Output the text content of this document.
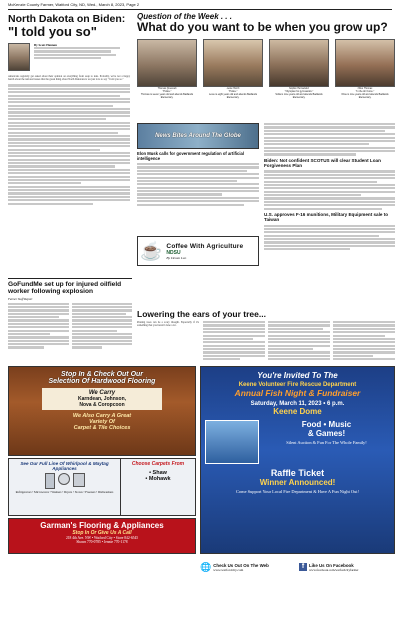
McKenzie County Farmer, Watford City, ND, Wed., March 8, 2023, Page 2
North Dakota on Biden:
"I told you so"
By Scott Hennen
Americans regularly get asked about their opinion on everything from soup to nuts. Probably, we're not a happy bunch about the national issues that the green thing about North Dakotans is we just love to say "I told you so."
Question of the Week . . .
What do you want to be when you grow up?
Thomas Quevedo
"Police."
Thomas is seven years old and attends Badlands Elementary.
Lexie Hutch
"Police."
Lexie is eight years old and attends Badlands Elementary.
Sophie Hernandez
"Olympian for gymnastics."
Sofia is nine years old and attends Badlands Elementary.
Olive Thomas
"In the Air Force."
Olive is nine years old and attends Badlands Elementary.
News Bites Around The Globe
Elon Musk calls for government regulation of artificial intelligence	Biden: Not confident SCOTUS will clear Student Loan Forgiveness Plan
U.S. approves F-16 munitions, Military Equipment sale to Taiwan
☕ Coffee With Agriculture
NDSU
By Devan Leo
GoFundMe set up for injured oilfield worker following explosion
Farmer Staff Report
Lowering the ears of your tree...
Pruning trees can be a scary thought. Especially if it's something that you haven't done a lot.
Stop In & Check Out Our
Selection Of Hardwood Flooring
We Carry
Karndean, Johnson,
Nova & Coropcoon
We Also Carry A Great
Variety Of
Carpet & Tile Choices
See Our Full Line Of Whirlpool & Maytag Appliances
Refrigerators • Microwaves • Washers • Dryers • Stoves • Freezers • Dishwashers
Choose Carpets From
• Shaw
• Mohawk
Garman's Flooring & Appliances
Stop In Or Give Us A Call
218 4th Ave. NW • Watford City • Store 842-6545
Shawn 770-0785 • Jennie 770-1178
You're Invited To The
Keene Volunteer Fire Rescue Department
Annual Fish Night & Fundraiser
Saturday, March 11, 2023 • 6 p.m.
Keene Dome
Food • Music
& Games!
Silent Auction & Fun For The Whole Family!
Raffle Ticket
Winner Announced!
Come Support Your Local Fire Department & Have A Fun Night Out!
🌐 Check Us Out On The Web
www.watfordcity.com	f	Like Us On Facebook
www.facebook.com/watfordcityfarmer
